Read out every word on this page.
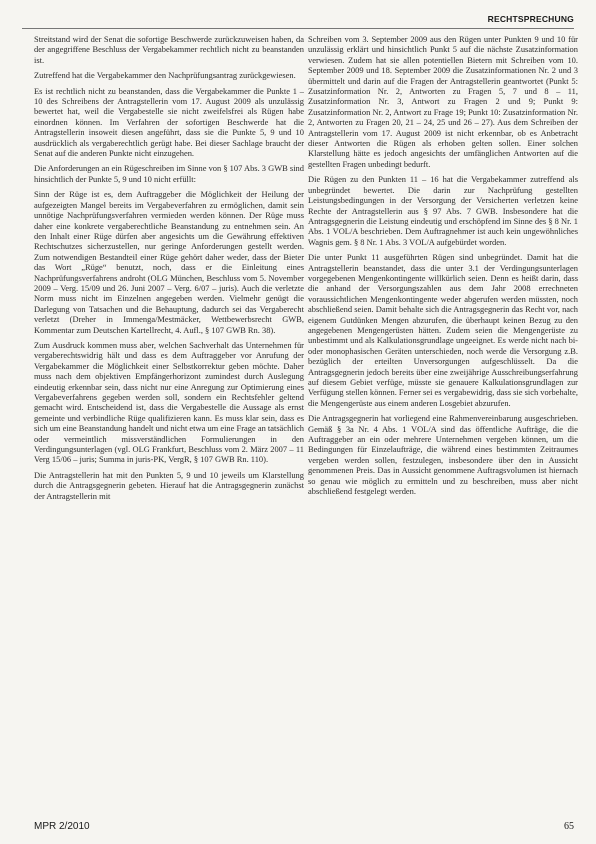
RECHTSPRECHUNG

Streitstand wird der Senat die sofortige Beschwerde zurückzuweisen haben, da der angegriffene Beschluss der Vergabekammer rechtlich nicht zu beanstanden ist.

Zutreffend hat die Vergabekammer den Nachprüfungsantrag zurückgewiesen.

Es ist rechtlich nicht zu beanstanden, dass die Vergabekammer die Punkte 1 – 10 des Schreibens der Antragstellerin vom 17. August 2009 als unzulässig bewertet hat, weil die Vergabestelle sie nicht zweifelsfrei als Rügen habe einordnen können. Im Verfahren der sofortigen Beschwerde hat die Antragstellerin insoweit diesen angeführt, dass sie die Punkte 5, 9 und 10 ausdrücklich als vergaberechtlich gerügt habe. Bei dieser Sachlage braucht der Senat auf die anderen Punkte nicht einzugehen.

Die Anforderungen an ein Rügeschreiben im Sinne von § 107 Abs. 3 GWB sind hinsichtlich der Punkte 5, 9 und 10 nicht erfüllt:

Sinn der Rüge ist es, dem Auftraggeber die Möglichkeit der Heilung der aufgezeigten Mangel bereits im Vergabeverfahren zu ermöglichen, damit sein unnötige Nachprüfungsverfahren vermieden werden können. Der Rüge muss daher eine konkrete vergaberechtliche Beanstandung zu entnehmen sein. An den Inhalt einer Rüge dürfen aber angesichts um die Gewährung effektiven Rechtschutzes sicherzustellen, nur geringe Anforderungen gestellt werden. Zum notwendigen Bestandteil einer Rüge gehört daher weder, dass der Bieter das Wort „Rüge“ benutzt, noch, dass er die Einleitung eines Nachprüfungsverfahrens androht (OLG München, Beschluss vom 5. November 2009 – Verg. 15/09 und 26. Juni 2007 – Verg. 6/07 – juris). Auch die verletzte Norm muss nicht im Einzelnen angegeben werden. Vielmehr genügt die Darlegung von Tatsachen und die Behauptung, dadurch sei das Vergaberecht verletzt (Dreher in Immenga/Mestmäcker, Wettbewerbsrecht GWB, Kommentar zum Deutschen Kartellrecht, 4. Aufl., § 107 GWB Rn. 38).

Zum Ausdruck kommen muss aber, welchen Sachverhalt das Unternehmen für vergaberechtswidrig hält und dass es dem Auftraggeber vor Anrufung der Vergabekammer die Möglichkeit einer Selbstkorrektur geben möchte. Daher muss nach dem objektiven Empfängerhorizont zumindest durch Auslegung eindeutig erkennbar sein, dass nicht nur eine Anregung zur Optimierung eines Vergabeverfahrens gegeben werden soll, sondern ein Rechtsfehler geltend gemacht wird. Entscheidend ist, dass die Vergabestelle die Aussage als ernst gemeinte und verbindliche Rüge qualifizieren kann. Es muss klar sein, dass es sich um eine Beanstandung handelt und nicht etwa um eine Frage an tatsächlich oder vermeintlich missverständlichen Formulierungen in den Verdingungsunterlagen (vgl. OLG Frankfurt, Beschluss vom 2. März 2007 – 11 Verg 15/06 – juris; Summa in juris-PK, VergR, § 107 GWB Rn. 110).

Die Antragstellerin hat mit den Punkten 5, 9 und 10 jeweils um Klarstellung durch die Antragsgegnerin gebeten. Hierauf hat die Antragsgegnerin zunächst der Antragstellerin mit

Schreiben vom 3. September 2009 aus den Rügen unter Punkten 9 und 10 für unzulässig erklärt und hinsichtlich Punkt 5 auf die nächste Zusatzinformation verwiesen. Zudem hat sie allen potentiellen Bietern mit Schreiben vom 10. September 2009 und 18. September 2009 die Zusatzinformationen Nr. 2 und 3 übermittelt und darin auf die Fragen der Antragstellerin geantwortet (Punkt 5: Zusatzinformation Nr. 2, Antworten zu Fragen 5, 7 und 8 – 11, Zusatzinformation Nr. 3, Antwort zu Fragen 2 und 9; Punkt 9: Zusatzinformation Nr. 2, Antwort zu Frage 19; Punkt 10: Zusatzinformation Nr. 2, Antworten zu Fragen 20, 21 – 24, 25 und 26 – 27). Aus dem Schreiben der Antragstellerin vom 17. August 2009 ist nicht erkennbar, ob es Anbetracht dieser Antworten die Rügen als erhoben gelten sollen. Einer solchen Klarstellung hätte es jedoch angesichts der umfänglichen Antworten auf die gestellten Fragen unbedingt bedurft.

Die Rügen zu den Punkten 11 – 16 hat die Vergabekammer zutreffend als unbegründet bewertet. Die darin zur Nachprüfung gestellten Leistungsbedingungen in der Versorgung der Versicherten verletzen keine Rechte der Antragstellerin aus § 97 Abs. 7 GWB. Insbesondere hat die Antragsgegnerin die Leistung eindeutig und erschöpfend im Sinne des § 8 Nr. 1 Abs. 1 VOL/A beschrieben. Dem Auftragnehmer ist auch kein ungewöhnliches Wagnis gem. § 8 Nr. 1 Abs. 3 VOL/A aufgebürdet worden.

Die unter Punkt 11 ausgeführten Rügen sind unbegründet. Damit hat die Antragstellerin beanstandet, dass die unter 3.1 der Verdingungsunterlagen vorgegebenen Mengenkontingente willkürlich seien. Denn es heißt darin, dass die anhand der Versorgungszahlen aus dem Jahr 2008 errechneten voraussichtlichen Mengenkontingente weder abgerufen werden müssten, noch abschließend seien. Damit behalte sich die Antragsgegnerin das Recht vor, nach eigenem Gutdünken Mengen abzurufen, die überhaupt keinen Bezug zu den angegebenen Mengengerüsten hätten. Zudem seien die Mengengerüste zu unbestimmt und als Kalkulationsgrundlage ungeeignet. Es werde nicht nach bi- oder monophasischen Geräten unterschieden, noch werde die Versorgung z.B. bezüglich der erteilten Unversorgungen aufgeschlüsselt. Da die Antragsgegnerin jedoch bereits über eine zweijährige Ausschreibungserfahrung auf diesem Gebiet verfüge, müsste sie genauere Kalkulationsgrundlagen zur Verfügung stellen können. Ferner sei es vergabewidrig, dass sie sich vorbehalte, die Mengengerüste aus einem anderen Losgebiet abzurufen.

Die Antragsgegnerin hat vorliegend eine Rahmenvereinbarung ausgeschrieben. Gemäß § 3a Nr. 4 Abs. 1 VOL/A sind das öffentliche Aufträge, die die Auftraggeber an ein oder mehrere Unternehmen vergeben können, um die Bedingungen für Einzelaufträge, die während eines bestimmten Zeitraumes vergeben werden sollen, festzulegen, insbesondere über den in Aussicht genommenen Preis. Das in Aussicht genommene Auftragsvolumen ist hiernach so genau wie möglich zu ermitteln und zu beschreiben, muss aber nicht abschließend festgelegt werden.

MPR 2/2010	65
